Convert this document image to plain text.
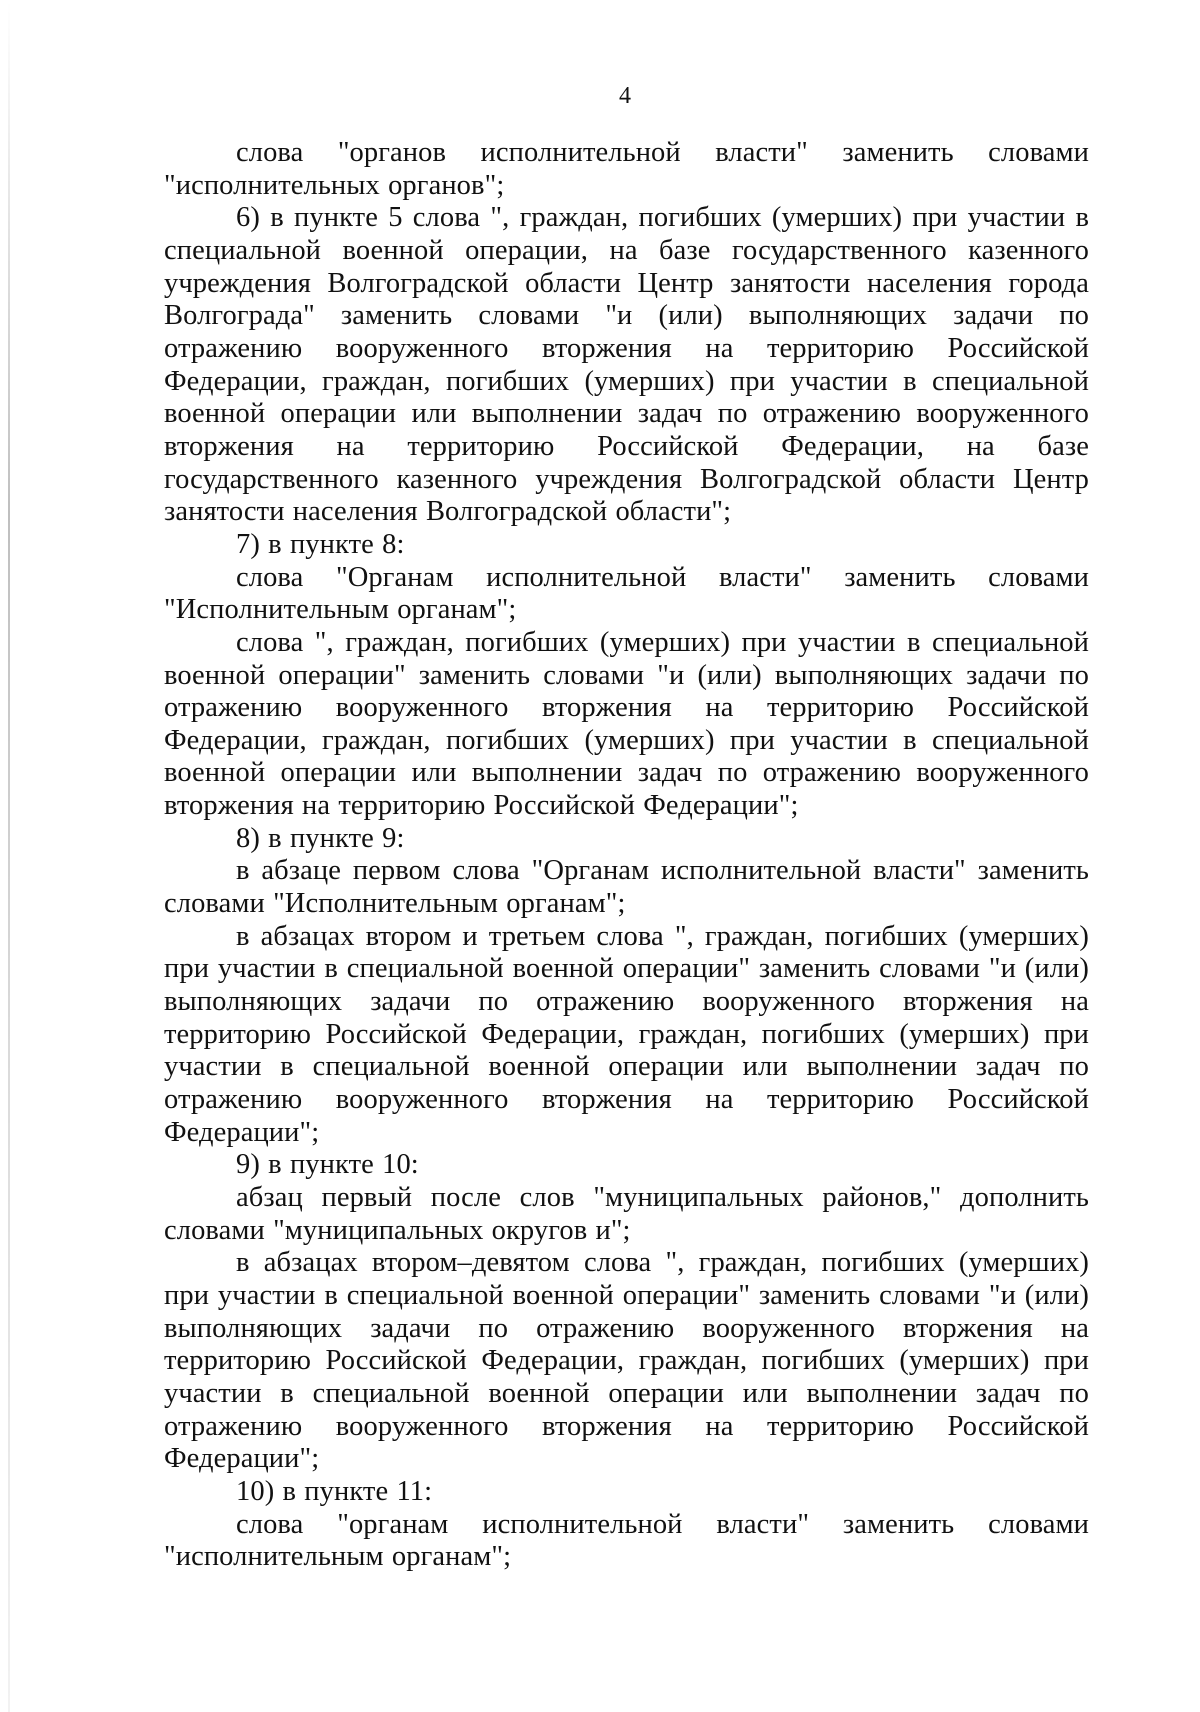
4

слова "органов исполнительной власти" заменить словами "исполнительных органов";

6) в пункте 5 слова ", граждан, погибших (умерших) при участии в специальной военной операции, на базе государственного казенного учреждения Волгоградской области Центр занятости населения города Волгограда" заменить словами "и (или) выполняющих задачи по отражению вооруженного вторжения на территорию Российской Федерации, граждан, погибших (умерших) при участии в специальной военной операции или выполнении задач по отражению вооруженного вторжения на территорию Российской Федерации, на базе государственного казенного учреждения Волгоградской области Центр занятости населения Волгоградской области";

7) в пункте 8:

слова "Органам исполнительной власти" заменить словами "Исполнительным органам";

слова ", граждан, погибших (умерших) при участии в специальной военной операции" заменить словами "и (или) выполняющих задачи по отражению вооруженного вторжения на территорию Российской Федерации, граждан, погибших (умерших) при участии в специальной военной операции или выполнении задач по отражению вооруженного вторжения на территорию Российской Федерации";

8) в пункте 9:

в абзаце первом слова "Органам исполнительной власти" заменить словами "Исполнительным органам";

в абзацах втором и третьем слова ", граждан, погибших (умерших) при участии в специальной военной операции" заменить словами "и (или) выполняющих задачи по отражению вооруженного вторжения на территорию Российской Федерации, граждан, погибших (умерших) при участии в специальной военной операции или выполнении задач по отражению вооруженного вторжения на территорию Российской Федерации";

9) в пункте 10:

абзац первый после слов "муниципальных районов," дополнить словами "муниципальных округов и";

в абзацах втором–девятом слова ", граждан, погибших (умерших) при участии в специальной военной операции" заменить словами "и (или) выполняющих задачи по отражению вооруженного вторжения на территорию Российской Федерации, граждан, погибших (умерших) при участии в специальной военной операции или выполнении задач по отражению вооруженного вторжения на территорию Российской Федерации";

10) в пункте 11:

слова "органам исполнительной власти" заменить словами "исполнительным органам";
